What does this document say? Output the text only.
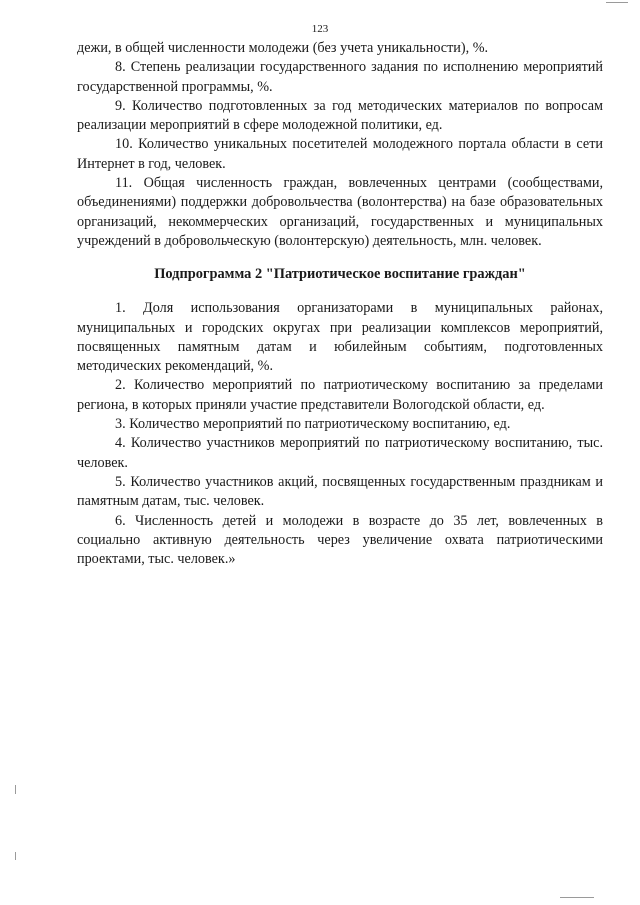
123

дежи, в общей численности молодежи (без учета уникальности), %.

8. Степень реализации государственного задания по исполнению мероприятий государственной программы, %.

9. Количество подготовленных за год методических материалов по вопросам реализации мероприятий в сфере молодежной политики, ед.

10. Количество уникальных посетителей молодежного портала области в сети Интернет в год, человек.

11. Общая численность граждан, вовлеченных центрами (сообществами, объединениями) поддержки добровольчества (волонтерства) на базе образовательных организаций, некоммерческих организаций, государственных и муниципальных учреждений в добровольческую (волонтерскую) деятельность, млн. человек.

Подпрограмма 2 "Патриотическое воспитание граждан"

1. Доля использования организаторами в муниципальных районах, муниципальных и городских округах при реализации комплексов мероприятий, посвященных памятным датам и юбилейным событиям, подготовленных методических рекомендаций, %.

2. Количество мероприятий по патриотическому воспитанию за пределами региона, в которых приняли участие представители Вологодской области, ед.

3. Количество мероприятий по патриотическому воспитанию, ед.

4. Количество участников мероприятий по патриотическому воспитанию, тыс. человек.

5. Количество участников акций, посвященных государственным праздникам и памятным датам, тыс. человек.

6. Численность детей и молодежи в возрасте до 35 лет, вовлеченных в социально активную деятельность через увеличение охвата патриотическими проектами, тыс. человек.»
